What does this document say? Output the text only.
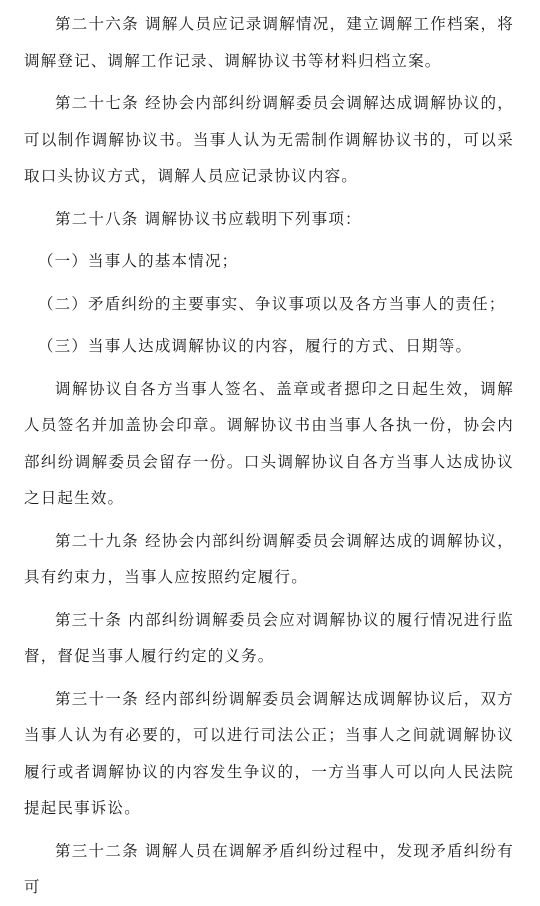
第二十六条 调解人员应记录调解情况，建立调解工作档案，将调解登记、调解工作记录、调解协议书等材料归档立案。

第二十七条 经协会内部纠纷调解委员会调解达成调解协议的，可以制作调解协议书。当事人认为无需制作调解协议书的，可以采取口头协议方式，调解人员应记录协议内容。

第二十八条 调解协议书应载明下列事项：

（一）当事人的基本情况；

（二）矛盾纠纷的主要事实、争议事项以及各方当事人的责任；

（三）当事人达成调解协议的内容，履行的方式、日期等。

调解协议自各方当事人签名、盖章或者摁印之日起生效，调解人员签名并加盖协会印章。调解协议书由当事人各执一份，协会内部纠纷调解委员会留存一份。口头调解协议自各方当事人达成协议之日起生效。

第二十九条 经协会内部纠纷调解委员会调解达成的调解协议，具有约束力，当事人应按照约定履行。

第三十条 内部纠纷调解委员会应对调解协议的履行情况进行监督，督促当事人履行约定的义务。

第三十一条 经内部纠纷调解委员会调解达成调解协议后，双方当事人认为有必要的，可以进行司法公正；当事人之间就调解协议履行或者调解协议的内容发生争议的，一方当事人可以向人民法院提起民事诉讼。

第三十二条 调解人员在调解矛盾纠纷过程中，发现矛盾纠纷有可
